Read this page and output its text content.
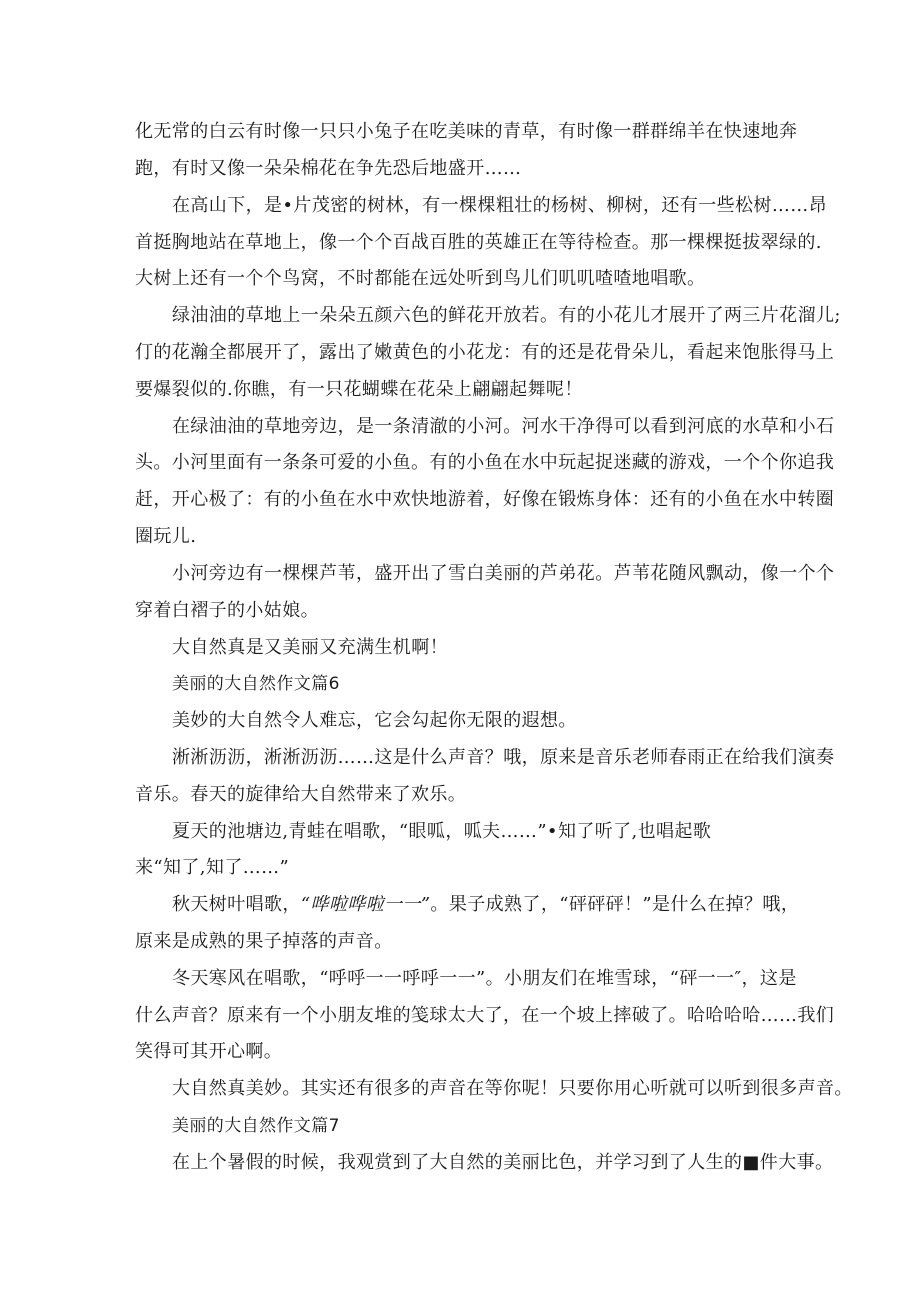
化无常的白云有时像一只只小兔子在吃美味的青草，有时像一群群绵羊在快速地奔
跑，有时又像一朵朵棉花在争先恐后地盛开……
在高山下，是•片茂密的树林，有一棵棵粗壮的杨树、柳树，还有一些松树……昂
首挺胸地站在草地上，像一个个百战百胜的英雄正在等待检查。那一棵棵挺拔翠绿的.
大树上还有一个个鸟窝，不时都能在远处听到鸟儿们叽叽喳喳地唱歌。
绿油油的草地上一朵朵五颜六色的鲜花开放若。有的小花儿才展开了两三片花溜儿;
仃的花瀚全都展开了，露出了嫩黄色的小花龙：有的还是花骨朵儿，看起来饱胀得马上
要爆裂似的.你瞧，有一只花蝴蝶在花朵上翩翩起舞呢！
在绿油油的草地旁边，是一条清澈的小河。河水干净得可以看到河底的水草和小石
头。小河里面有一条条可爱的小鱼。有的小鱼在水中玩起捉迷藏的游戏，一个个你追我
赶，开心极了：有的小鱼在水中欢快地游着，好像在锻炼身体：还有的小鱼在水中转圈
圈玩儿.
小河旁边有一棵棵芦苇，盛开出了雪白美丽的芦弟花。芦苇花随风飘动，像一个个
穿着白褶子的小姑娘。
大自然真是又美丽又充满生机啊！
美丽的大自然作文篇6
美妙的大自然令人难忘，它会勾起你无限的遐想。
淅淅沥沥，淅淅沥沥……这是什么声音？哦，原来是音乐老师春雨正在给我们演奏
音乐。春天的旋律给大自然带来了欢乐。
夏天的池塘边,青蛙在唱歌，“眼呱，呱夫……”•知了听了,也唱起歌
来“知了,知了……”
秋天树叶唱歌，“哗啦哗啦一一”。果子成熟了，“砰砰砰！”是什么在掉？哦，
原来是成熟的果子掉落的声音。
冬天寒风在唱歌，“呼呼一一呼呼一一”。小朋友们在堆雪球，“砰一一″，这是
什么声音？原来有一个小朋友堆的笺球太大了，在一个坡上摔破了。哈哈哈哈……我们
笑得可其开心啊。
大自然真美妙。其实还有很多的声音在等你呢！只要你用心听就可以听到很多声音。
美丽的大自然作文篇7
在上个暑假的时候，我观赏到了大自然的美丽比色，并学习到了人生的■件大事。
